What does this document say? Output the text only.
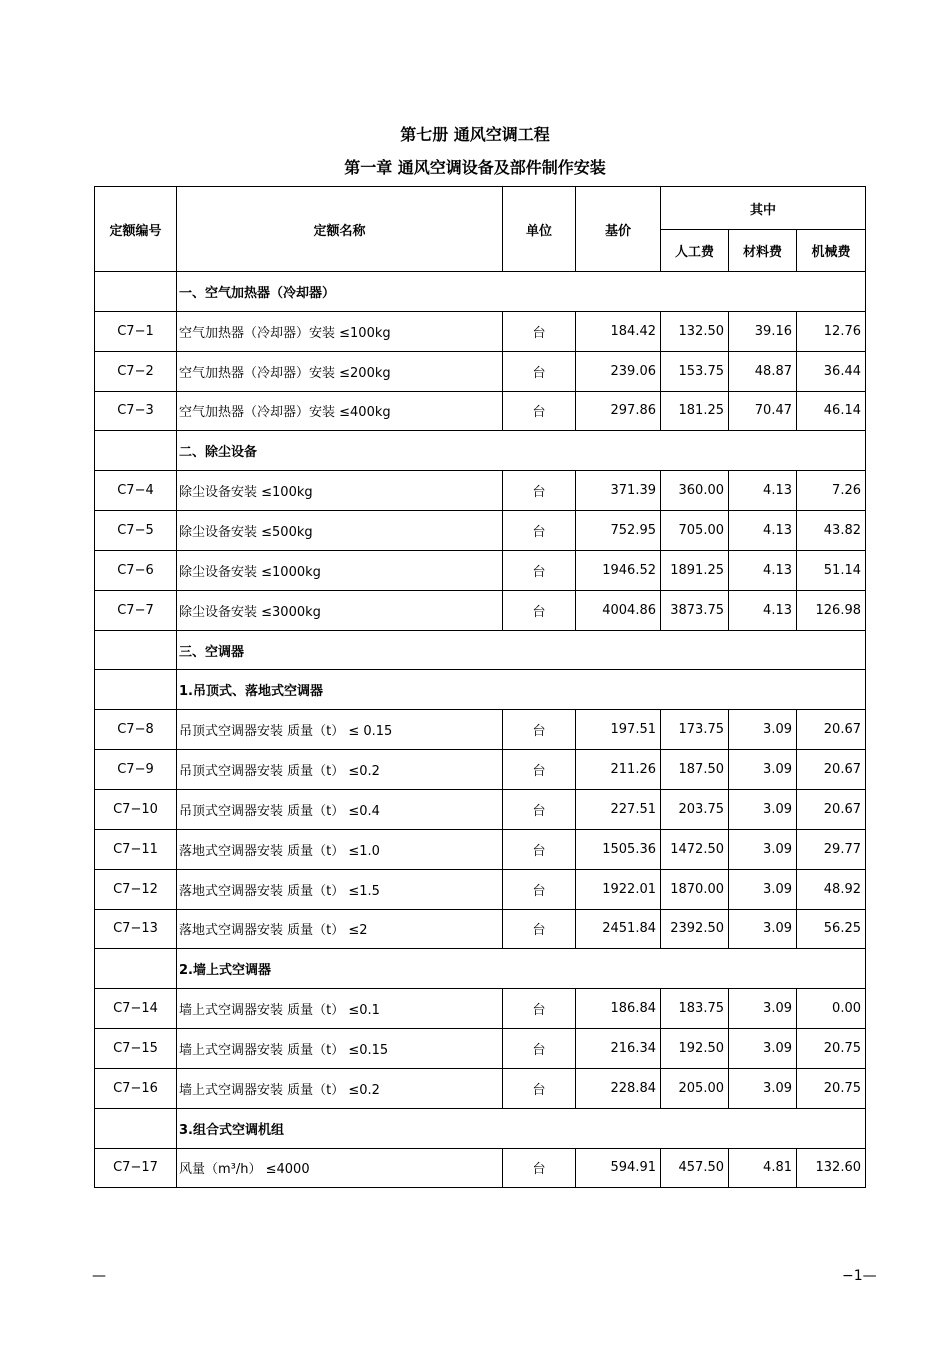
第七册 通风空调工程
第一章 通风空调设备及部件制作安装
定额编号	定额名称	单位	基价	其中		
				人工费	材料费	机械费
	一、空气加热器（冷却器）					
C7−1	空气加热器（冷却器）安装 ≤100kg	台	184.42	132.50	39.16	12.76
C7−2	空气加热器（冷却器）安装 ≤200kg	台	239.06	153.75	48.87	36.44
C7−3	空气加热器（冷却器）安装 ≤400kg	台	297.86	181.25	70.47	46.14
	二、除尘设备					
C7−4	除尘设备安装 ≤100kg	台	371.39	360.00	4.13	7.26
C7−5	除尘设备安装 ≤500kg	台	752.95	705.00	4.13	43.82
C7−6	除尘设备安装 ≤1000kg	台	1946.52	1891.25	4.13	51.14
C7−7	除尘设备安装 ≤3000kg	台	4004.86	3873.75	4.13	126.98
	三、空调器					
	1.吊顶式、落地式空调器					
C7−8	吊顶式空调器安装 质量（t） ≤ 0.15	台	197.51	173.75	3.09	20.67
C7−9	吊顶式空调器安装 质量（t） ≤0.2	台	211.26	187.50	3.09	20.67
C7−10	吊顶式空调器安装 质量（t） ≤0.4	台	227.51	203.75	3.09	20.67
C7−11	落地式空调器安装 质量（t） ≤1.0	台	1505.36	1472.50	3.09	29.77
C7−12	落地式空调器安装 质量（t） ≤1.5	台	1922.01	1870.00	3.09	48.92
C7−13	落地式空调器安装 质量（t） ≤2	台	2451.84	2392.50	3.09	56.25
	2.墙上式空调器					
C7−14	墙上式空调器安装 质量（t） ≤0.1	台	186.84	183.75	3.09	0.00
C7−15	墙上式空调器安装 质量（t） ≤0.15	台	216.34	192.50	3.09	20.75
C7−16	墙上式空调器安装 质量（t） ≤0.2	台	228.84	205.00	3.09	20.75
	3.组合式空调机组					
C7−17	风量（m³/h） ≤4000	台	594.91	457.50	4.81	132.60
—	−1—
